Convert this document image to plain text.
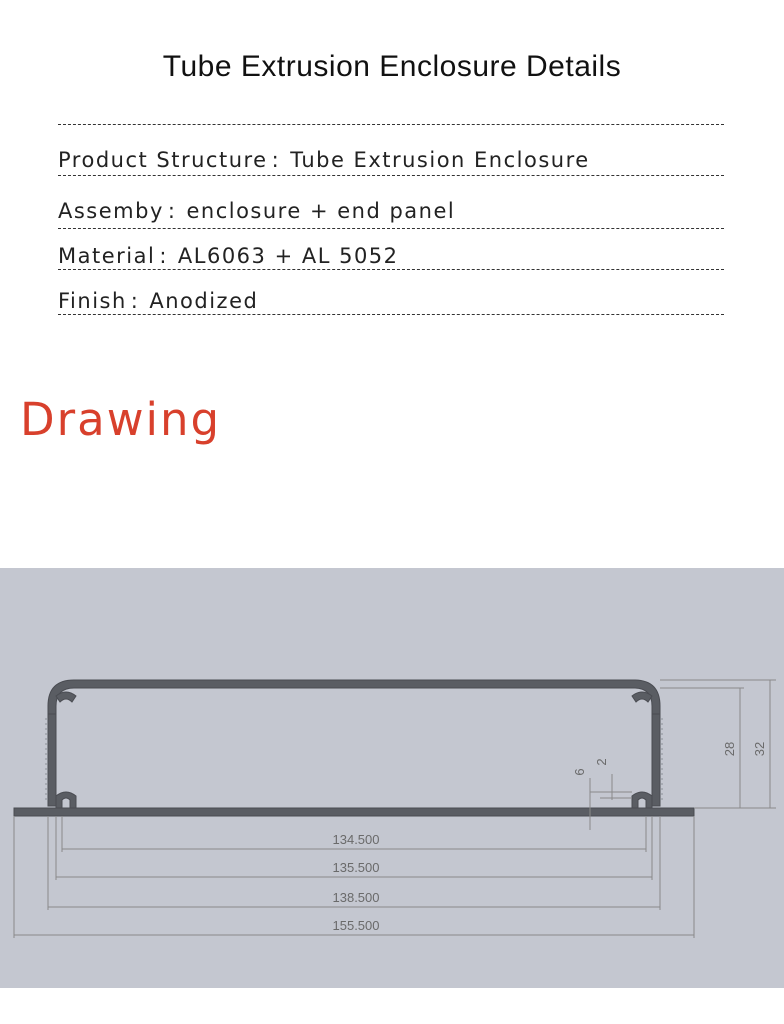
Tube Extrusion Enclosure Details
Product Structure : Tube Extrusion Enclosure
Assemby : enclosure + end panel
Material : AL6063 + AL 5052
Finish : Anodized
Drawing
134.500
135.500
138.500
155.500
28 32
6
2
